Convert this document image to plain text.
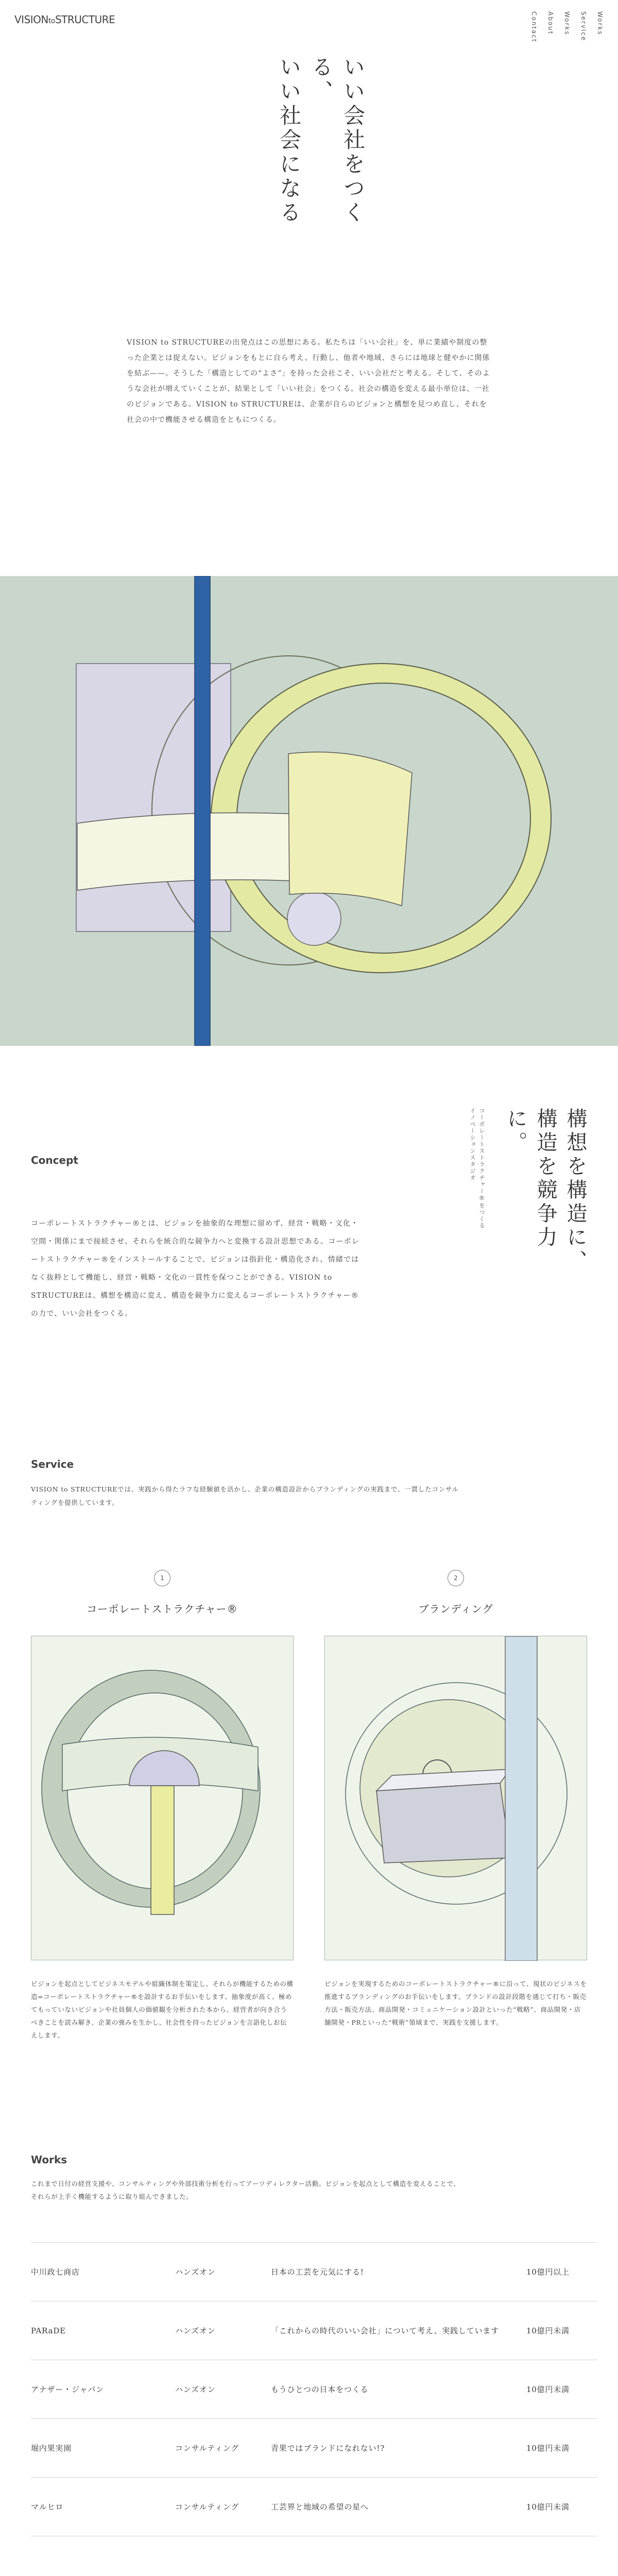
VISIONtoSTRUCTURE	Works
Service
Works
About
Contact
いい会社をつくる、
いい社会になる

VISION to STRUCTUREの出発点はこの思想にある。私たちは「いい会社」を、単に業績や制度の整った企業とは捉えない。ビジョンをもとに自ら考え、行動し、他者や地域、さらには地球と健やかに関係を結ぶ——。そうした「構造としての“よさ”」を持った会社こそ、いい会社だと考える。そして、そのような会社が増えていくことが、結果として「いい社会」をつくる。社会の構造を変える最小単位は、一社のビジョンである。VISION to STRUCTUREは、企業が自らのビジョンと構想を見つめ直し、それを社会の中で機能させる構造をともにつくる。

Concept	構想を構造に、
構造を競争力に。
コーポレートストラクチャー®をつくる
イノベーションスタジオ

コーポレートストラクチャー®とは、ビジョンを抽象的な理想に留めず、経営・戦略・文化・空間・関係にまで接続させ、それらを統合的な競争力へと変換する設計思想である。コーポレートストラクチャー®をインストールすることで、ビジョンは指針化・構造化され、情緒ではなく抜粋として機能し、経営・戦略・文化の一貫性を保つことができる。VISION to STRUCTUREは、構想を構造に変え、構造を競争力に変えるコーポレートストラクチャー®の力で、いい会社をつくる。

Service

VISION to STRUCTUREでは、実践から得たラフな経験値を活かし、企業の構造設計からブランディングの実践まで、一貫したコンサルティングを提供しています。

1
コーポレートストラクチャー®

ビジョンを起点としてビジネスモデルや組織体制を策定し、それらが機能するための構造=コーポレートストラクチャー®を設計するお手伝いをします。抽象度が高く、極めてもっていないビジョンや社員個人の価値観を分析された本から、経営者が向き合うべきことを読み解き、企業の強みを生かし、社会性を持ったビジョンを言語化しお伝えします。

2
ブランディング

ビジョンを実現するためのコーポレートストラクチャー®に沿って、現状のビジネスを推進するブランディングのお手伝いをします。ブランドの設計段階を通じて打ち・販売方法・販売方法、商品開発・コミュニケーション設計といった“戦略”、商品開発・店舗開発・PRといった“戦術”領域まで、実践を支援します。

Works

これまで日付の経営支援や、コンサルティングや外部技術分析を行ってアーツディレクター活動。ビジョンを起点として構造を変えることで、それらが上手く機能するように取り組んできました。

中川政七商店	ハンズオン	日本の工芸を元気にする!	10億円以上
PARaDE	ハンズオン	「これからの時代のいい会社」について考え、実践しています	10億円未満
アナザー・ジャパン	ハンズオン	もうひとつの日本をつくる	10億円未満
堀内果実園	コンサルティング	青果ではブランドになれない!?	10億円未満
マルヒロ	コンサルティング	工芸界と地域の希望の星へ	10億円未満
